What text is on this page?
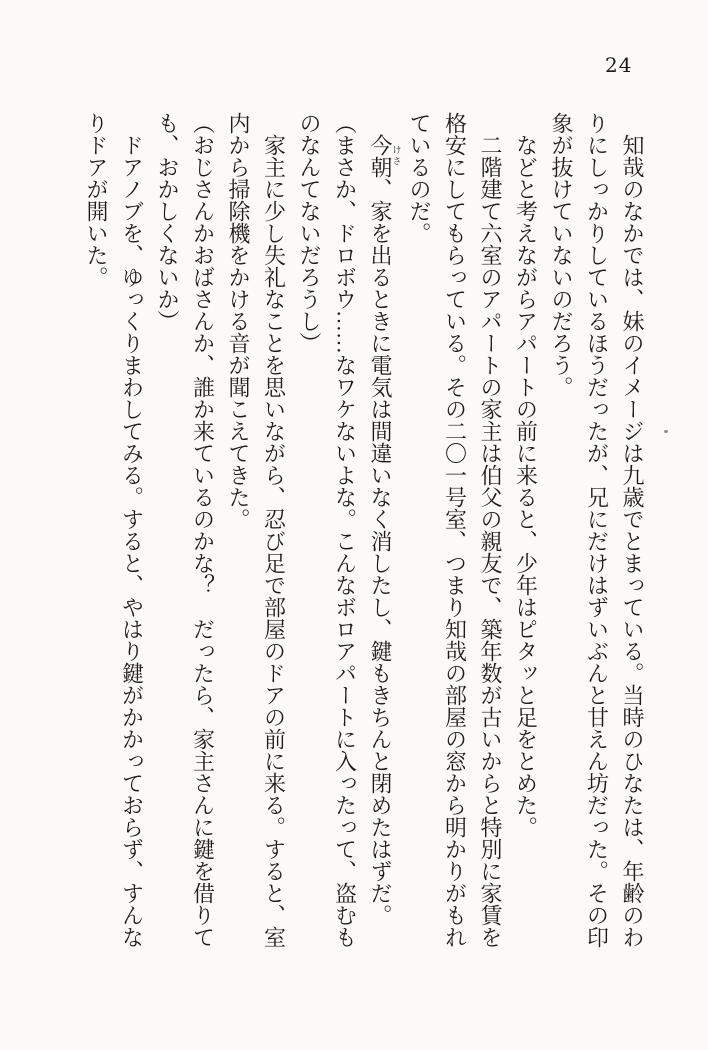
24

知哉のなかでは、妹のイメージは九歳でとまっている。当時のひなたは、年齢のわりにしっかりしているほうだったが、兄にだけはずいぶんと甘えん坊だった。その印象が抜けていないのだろう。

などと考えながらアパートの前に来ると、少年はピタッと足をとめた。

二階建て六室のアパートの家主は伯父の親友で、築年数が古いからと特別に家賃を格安にしてもらっている。その二〇一号室、つまり知哉の部屋の窓から明かりがもれているのだ。

今朝けさ、家を出るときに電気は間違いなく消したし、鍵もきちんと閉めたはずだ。

（まさか、ドロボウ……なワケないよな。こんなボロアパートに入ったって、盗むものなんてないだろうし）

家主に少し失礼なことを思いながら、忍び足で部屋のドアの前に来る。すると、室内から掃除機をかける音が聞こえてきた。

（おじさんかおばさんか、誰か来ているのかな？　だったら、家主さんに鍵を借りても、おかしくないか）

ドアノブを、ゆっくりまわしてみる。すると、やはり鍵がかかっておらず、すんなりドアが開いた。
